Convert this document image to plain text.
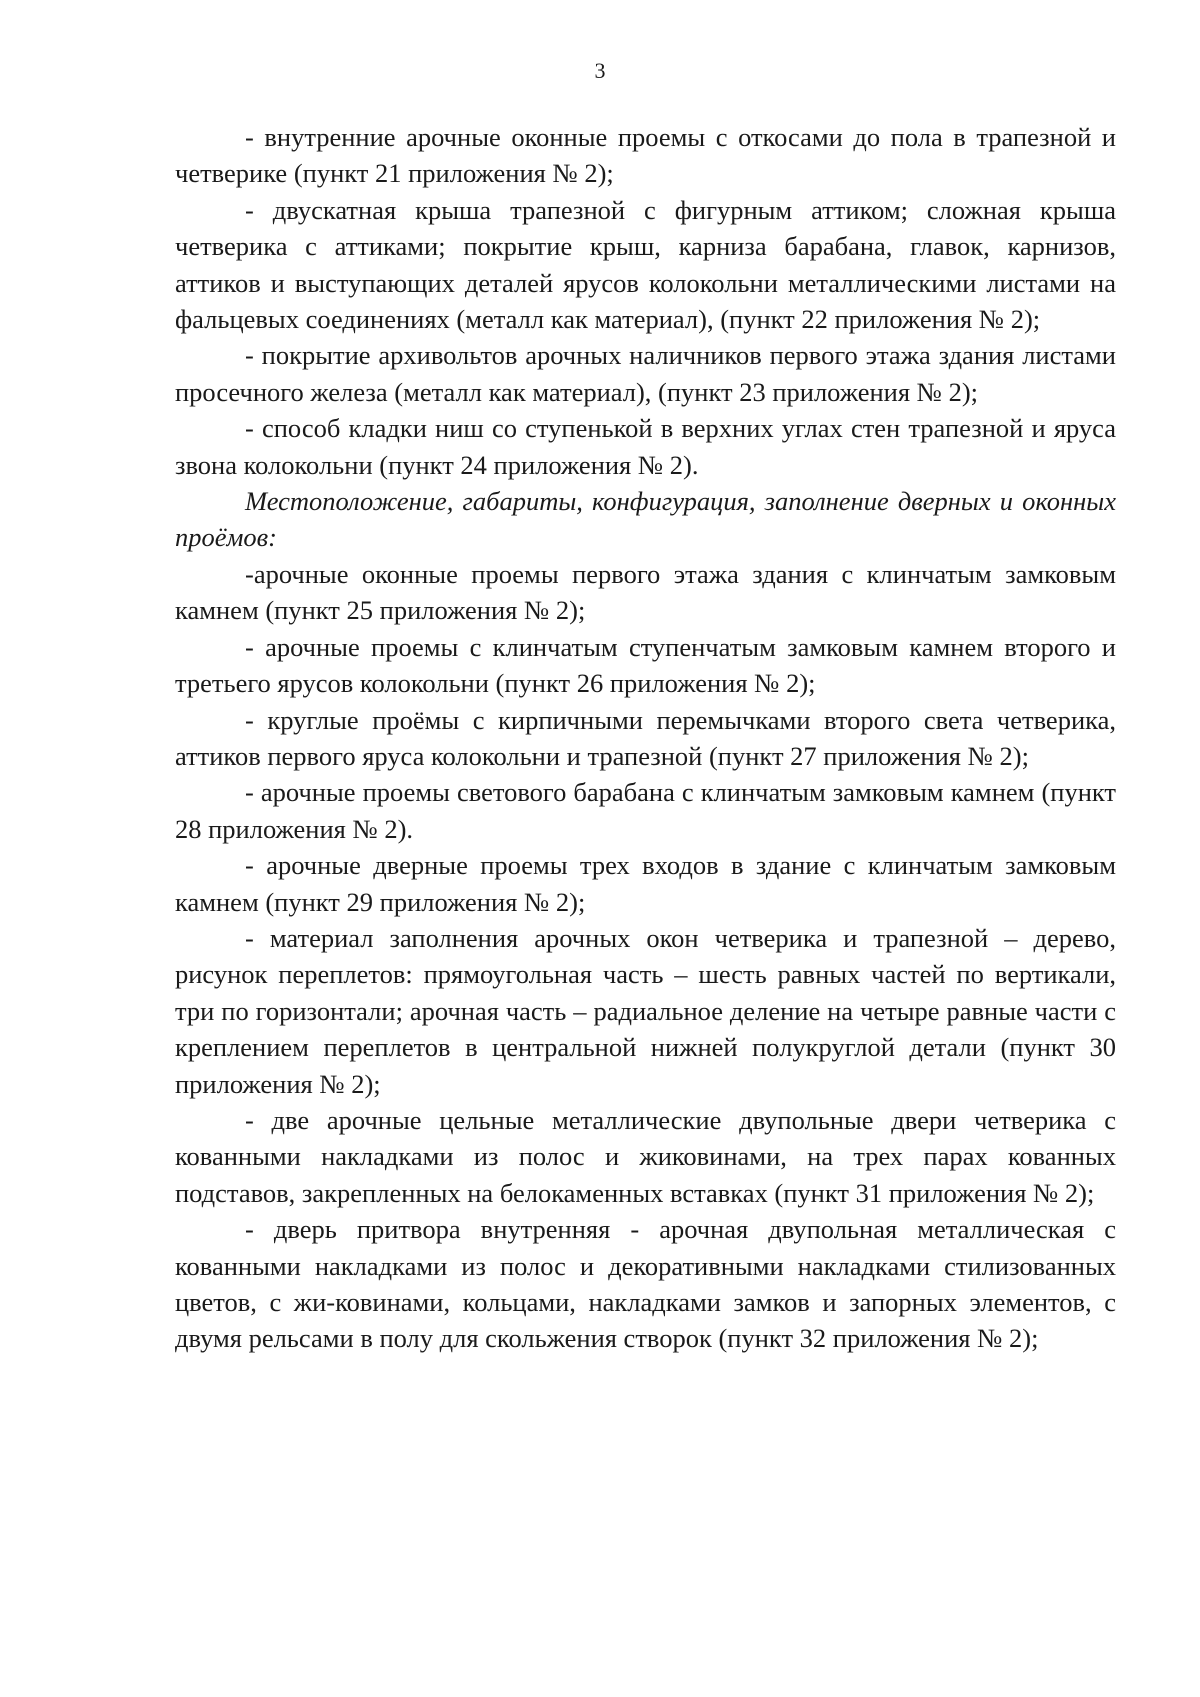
3

- внутренние арочные оконные проемы с откосами до пола в трапезной и четверике (пункт 21 приложения № 2);

- двускатная крыша трапезной с фигурным аттиком; сложная крыша четверика с аттиками; покрытие крыш, карниза барабана, главок, карнизов, аттиков и выступающих деталей ярусов колокольни металлическими листами на фальцевых соединениях (металл как материал), (пункт 22 приложения № 2);

- покрытие архивольтов арочных наличников первого этажа здания листами просечного железа (металл как материал), (пункт 23 приложения № 2);

- способ кладки ниш со ступенькой в верхних углах стен трапезной и яруса звона колокольни (пункт 24 приложения № 2).

Местоположение, габариты, конфигурация, заполнение дверных и оконных проёмов:

-арочные оконные проемы первого этажа здания с клинчатым замковым камнем (пункт 25 приложения № 2);

- арочные проемы с клинчатым ступенчатым замковым камнем второго и третьего ярусов колокольни (пункт 26 приложения № 2);

- круглые проёмы с кирпичными перемычками второго света четверика, аттиков первого яруса колокольни и трапезной (пункт 27 приложения № 2);

- арочные проемы светового барабана с клинчатым замковым камнем (пункт 28 приложения № 2).

- арочные дверные проемы трех входов в здание с клинчатым замковым камнем (пункт 29 приложения № 2);

- материал заполнения арочных окон четверика и трапезной – дерево, рисунок переплетов: прямоугольная часть – шесть равных частей по вертикали, три по горизонтали; арочная часть – радиальное деление на четыре равные части с креплением переплетов в центральной нижней полукруглой детали (пункт 30 приложения № 2);

- две арочные цельные металлические двупольные двери четверика с кованными накладками из полос и жиковинами, на трех парах кованных подставов, закрепленных на белокаменных вставках (пункт 31 приложения № 2);

- дверь притвора внутренняя - арочная двупольная металлическая с кованными накладками из полос и декоративными накладками стилизованных цветов, с жи-ковинами, кольцами, накладками замков и запорных элементов, с двумя рельсами в полу для скольжения створок (пункт 32 приложения № 2);
